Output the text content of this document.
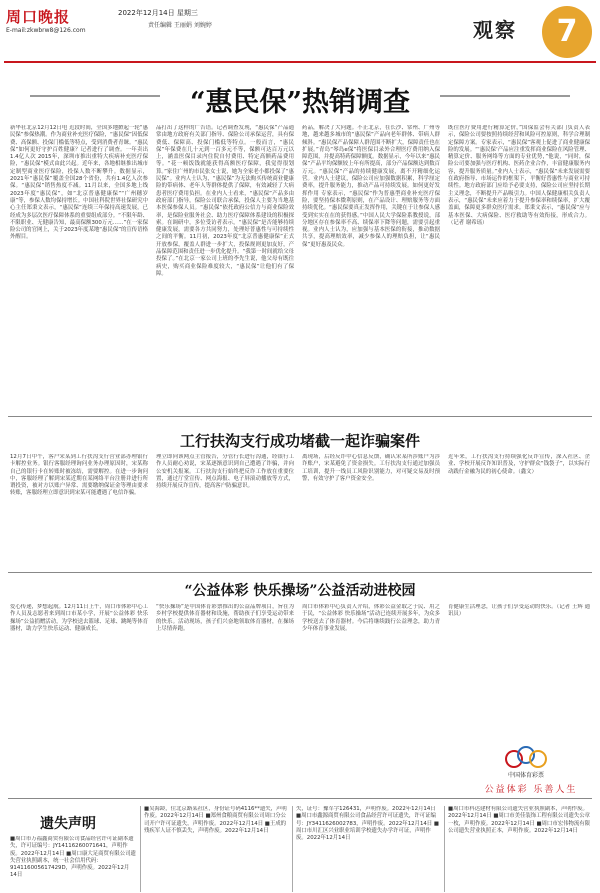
周口晚报
E-mail:zkwbrw8@126.com
2022年12月14日 星期三
责任编辑 王丽娟 刘婉婷	观察	7
“惠民保”热销调查
新华社北京12月12日电 近段时间，全国多地掀起一轮“惠民保”参保热潮。作为商业补充医疗保险，“惠民保”因低保费、高保额、投保门槛低等特点，受到消费者青睐。“惠民保”如何更好守护百姓健康？记者进行了调查。一年卖出1.4亿人次 2015年，深圳市推出重特大疾病补充医疗保险，“惠民保”模式由此兴起。近年来，各地相继推出城市定制型商业医疗保险，投保人数不断攀升。数据显示，2021年“惠民保”覆盖全国28个省份，共有1.4亿人次参保。“惠民保”销售热度不减。11月以来，全国多地上线2023年度“惠民保”，如“北京普惠健康保”“广州穗岁康”等，参保人数均保持增长。中国社科院世界社保研究中心主任郑秉文表示，“惠民保”连续三年保持高速发展，已经成为多层次医疗保障体系的重要组成部分。“不限年龄、不限职业、无健康告知，最高保额300万元……”在一家保险公司的官网上，关于2023年度某地“惠民保”的宣传语格外醒目。
品打出了这样的广告语。记者调查发现，“惠民保”产品通常由地方政府有关部门指导、保险公司承保运营，具有保费低、保障高、投保门槛低等特点。一般而言，“惠民保”年保费在几十元到一百多元不等，保额可达百万元以上，涵盖医保目录内住院自付费用、特定高额药品费用等。“花一顿饭钱就能获得高额医疗保障，我觉得很划算。”家住广州的市民张女士说，她为全家老小都投保了“惠民保”。业内人士认为，“惠民保”为无法购买传统商业健康险的带病体、老年人等群体提供了保障，有效减轻了大病患者医疗费用负担。在业内人士看来，“惠民保”产品多由政府部门指导，保险公司联合承保，投保人主要为当地基本医保参保人员。“惠民保”依托政府公信力与商业保险效率，是保险业服务社会、助力医疗保障体系建设的积极探索。在调研中，多位受访者表示，“惠民保”是否能够持续健康发展，需要各方共同努力，处理好普惠性与可持续性之间的平衡。11月初，2023年度“北京普惠健康保”正式开放参保，覆盖人群进一步扩大，投保规则更加友好，产品保障范围和责任进一步优化提升。“我第一时间就给父母投保了。”在北京一家公司上班的李先生说，他父母有既往病史，购买商业保险难度较大，“惠民保”让他们有了保障。
药品，解决了大问题。不止北京，在长沙、常州、广州等地，越来越多城市的“惠民保”产品向老年群体、带病人群倾斜。“惠民保产品保障人群范围不断扩大，保障责任也在扩展。”青岛“琴岛e保”将医保目录外合理医疗费用纳入保障范围，并提高特药保障额度。数据显示，今年以来“惠民保”产品平均保额较上年有所提高，部分产品保额达到数百万元。“惠民保”产品的持续健康发展，离不开精细化运营。业内人士建议，保险公司应加强数据积累，科学厘定费率，提升服务能力，推动产品可持续发展。如何更好发挥作用 专家表示，“惠民保”作为普惠型商业补充医疗保险，要坚持保本微利原则，在产品设计、理赔服务等方面持续优化。“惠民保要真正发挥作用，关键在于让参保人感受到实实在在的获得感。”中国人民大学保险系教授说，部分地区存在参保率不高、续保率下降等问题，需要引起重视。业内人士认为，应加强与基本医保的衔接，推动数据共享，提高理赔效率，减少参保人的理赔负担，让“惠民保”更好惠及民众。
既往医疗费用进行精算定价，”国保监会有关部门负责人表示，保险公司要按照持续经营和风险可控原则，科学合理制定保障方案。专家表示，“惠民保”客观上促进了商业健康保险的发展。“‘惠民保’产品应注重发挥商业保险在风险管理、精算定价、服务网络等方面的专业优势，”他说，“同时，保险公司要加强与医疗机构、医药企业合作，丰富健康服务内容，提升服务质量。”业内人士表示，“惠民保”未来发展需要在政府指导、市场运作的框架下，平衡好普惠性与商业可持续性。地方政府部门应给予必要支持，保险公司应坚持长期主义理念，不断提升产品吸引力。中国人保健康相关负责人表示，“惠民保”未来应着力于提升参保率和续保率，扩大覆盖面，保障更多群众医疗需求。郑秉文表示，“惠民保”应与基本医保、大病保险、医疗救助等有效衔接，形成合力。（记者 谢希瑶）
工行扶沟支行成功堵截一起诈骗案件
12月7日中午，客户宋某到工行扶沟支行营业部办理银行卡解控业务。银行客服经理询问业务办理原因时，宋某称自己的银行卡在转账时被冻结，需要解控。在进一步询问中，客服经理了解到宋某近期在某网络平台注册并进行所谓投资，被对方以账户异常、需要缴纳保证金等理由要求转账，客服经理立即意识到宋某可能遭遇了电信诈骗。
理立即向该网点主管报告，分管行长进行沟通，经银行工作人员耐心劝说，宋某逐渐意识到自己遭遇了诈骗，并向公安机关报案。工行扶沟支行始终把反诈工作放在重要位置，通过厅堂宣传、网点海报、电子屏滚动播放等方式，持续开展反诈宣传，提高客户防骗意识。
离现场，后经反诈中心信息反馈，确认宋某所涉账户为涉诈账户，宋某避免了资金损失。工行扶沟支行通过加强员工培训，提升一线员工风险识别能力，对可疑交易及时预警，有效守护了客户资金安全。
近年来，工行扶沟支行持续强化反诈宣传，深入社区、企业、学校开展反诈知识普及，守护群众“钱袋子”，以实际行动践行金融为民的初心使命。（鑫文）
“公益体彩 快乐操场”公益活动进校园
爱心传递，梦想起航。12月11日上午，周口市体彩中心工作人员及志愿者来到周口市某小学，开展“公益体彩 快乐操场”公益捐赠活动，为学校送去篮球、足球、跳绳等体育器材，助力学生快乐运动、健康成长。
“快乐操场”是中国体育彩票推出的公益品牌项目，旨在为乡村学校提供体育器材和设施，帮助孩子们享受运动带来的快乐。活动现场，孩子们兴奋地领取体育器材，在操场上尽情奔跑。
周口市体彩中心负责人介绍，体彩公益金取之于民、用之于民，“公益体彩 快乐操场”活动已连续开展多年，为众多学校送去了体育器材。今后将继续践行公益理念，助力青少年体育事业发展。
育健康生活理念，让孩子们享受运动的快乐。（记者 王辉 通讯员）
中国体育彩票
公益体彩 乐善人生
遗失声明
■周口市万福鑫商贸有限公司食品经营许可证副本遗失，许可证编号：JY14116260071641，声明作废。2022年12月14日 ■周口康大足商贸有限公司遗失营业执照副本，统一社会信用代码：914116005617429D，声明作废。2022年12月14日
■吴海龄，住北京路某社区，身份证号码4116**遗失，声明作废。2022年12月14日 ■郑州食粮商贸有限公司周口分公司开户许可证遗失，声明作废。2022年12月14日 ■王成的残疾军人证不慎丢失，声明作废。2022年12月14日
失，证号：豫军字126431，声明作废。2022年12月14日 ■周口市鑫源商贸有限公司食品经营许可证遗失，许可证编号：JY3411626002783，声明作废。2022年12月14日 ■周口市川汇区兴业职业培训学校遗失办学许可证，声明作废。2022年12月14日
■周口市科达建材有限公司遗失营业执照副本，声明作废。2022年12月14日 ■周口市美佳装饰工程有限公司遗失公章一枚，声明作废。2022年12月14日 ■周口市宏伟物流有限公司遗失营业执照正本，声明作废。2022年12月14日
